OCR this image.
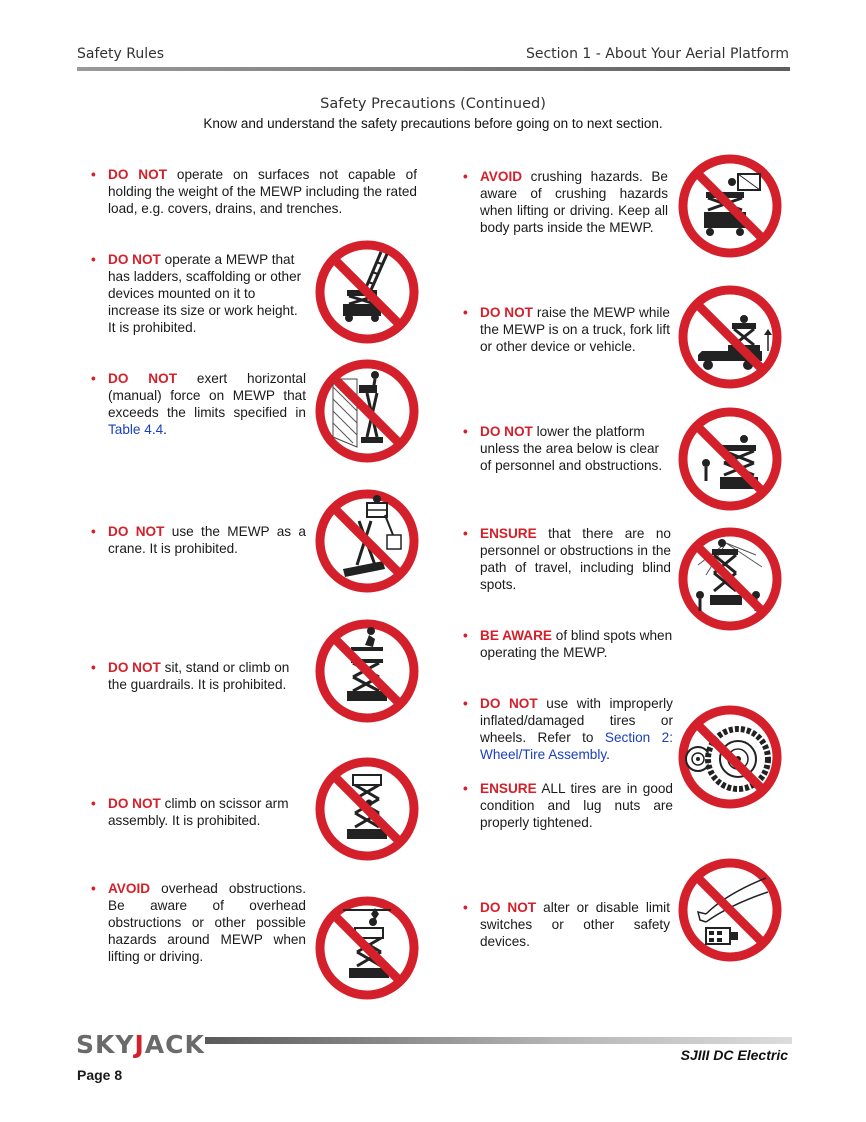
Safety Rules	Section 1 - About Your Aerial Platform
Safety Precautions (Continued)
Know and understand the safety precautions before going on to next section.
• DO NOT operate on surfaces not capable of holding the weight of the MEWP including the rated load, e.g. covers, drains, and trenches.
• DO NOT operate a MEWP that has ladders, scaffolding or other devices mounted on it to increase its size or work height. It is prohibited.
• DO NOT exert horizontal (manual) force on MEWP that exceeds the limits specified in Table 4.4.
• DO NOT use the MEWP as a crane. It is prohibited.
• DO NOT sit, stand or climb on the guardrails. It is prohibited.
• DO NOT climb on scissor arm assembly. It is prohibited.
• AVOID overhead obstructions. Be aware of overhead obstructions or other possible hazards around MEWP when lifting or driving.
• AVOID crushing hazards. Be aware of crushing hazards when lifting or driving. Keep all body parts inside the MEWP.
• DO NOT raise the MEWP while the MEWP is on a truck, fork lift or other device or vehicle.
• DO NOT lower the platform unless the area below is clear of personnel and obstructions.
• ENSURE that there are no personnel or obstructions in the path of travel, including blind spots.
• BE AWARE of blind spots when operating the MEWP.
• DO NOT use with improperly inflated/damaged tires or wheels. Refer to Section 2: Wheel/Tire Assembly.
• ENSURE ALL tires are in good condition and lug nuts are properly tightened.
• DO NOT alter or disable limit switches or other safety devices.
SKYJACK	SJIII DC Electric
Page 8
